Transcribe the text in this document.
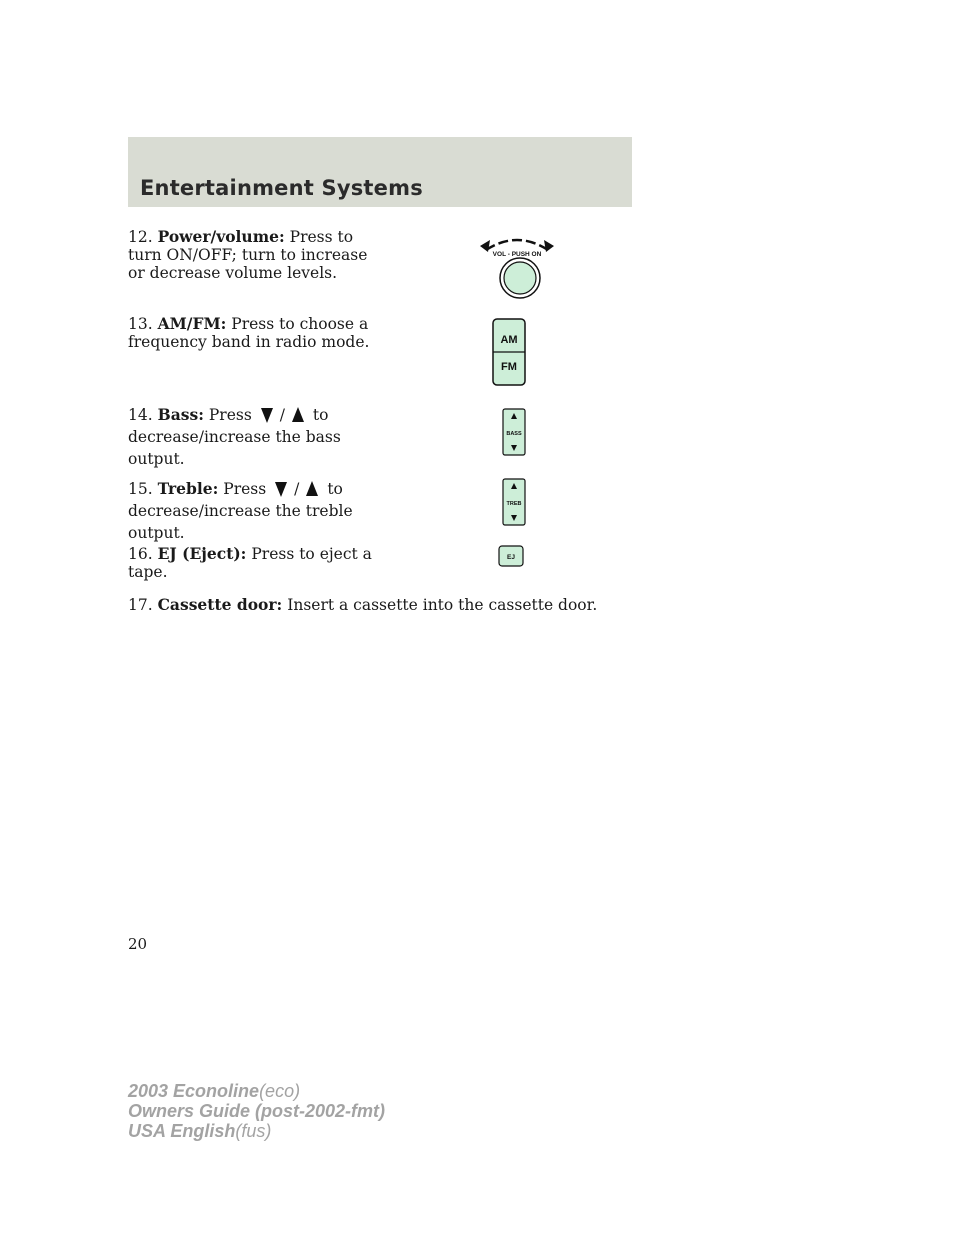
Entertainment Systems
12. Power/volume: Press to turn ON/OFF; turn to increase or decrease volume levels.
13. AM/FM: Press to choose a frequency band in radio mode.
14. Bass: Press / to
decrease/increase the bass output.
15. Treble: Press / to
decrease/increase the treble output.
16. EJ (Eject): Press to eject a tape.
17. Cassette door: Insert a cassette into the cassette door.
VOL - PUSH ON
AM
FM
BASS
TREB
EJ
20
2003 Econoline(eco)
Owners Guide (post-2002-fmt)
USA English(fus)
